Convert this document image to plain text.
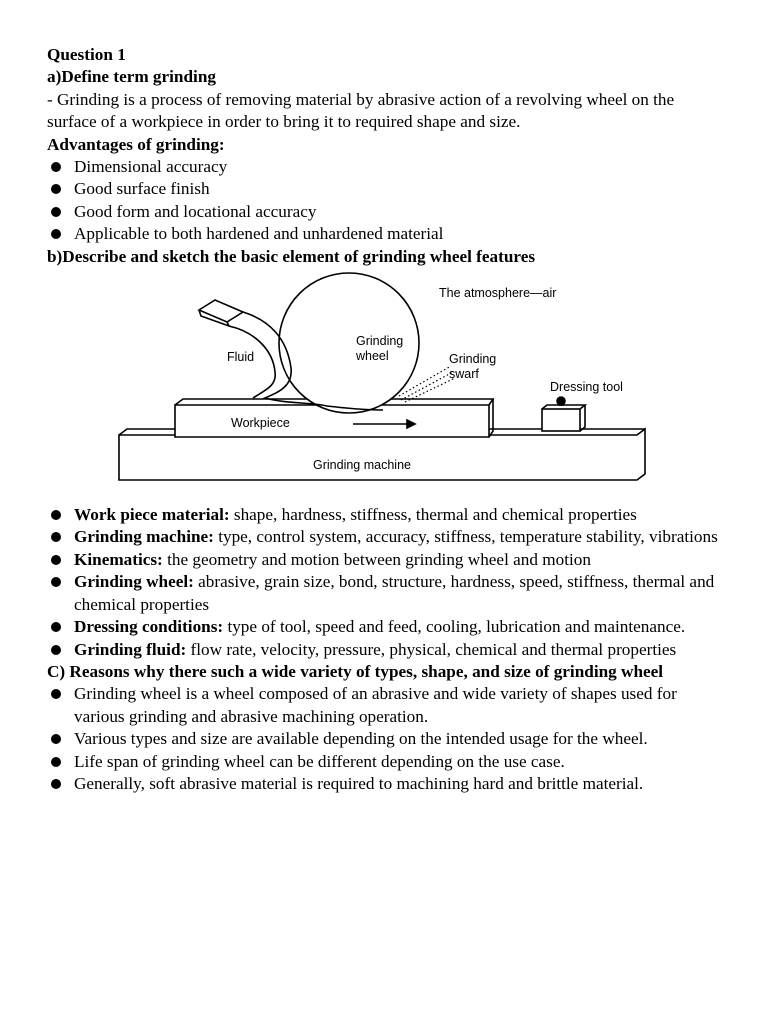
Question 1

a)Define term grinding

- Grinding is a process of removing material by abrasive action of a revolving wheel on the surface of a workpiece in order to bring it to required shape and size.

Advantages of grinding:

Dimensional accuracy
Good surface finish
Good form and locational accuracy
Applicable to both hardened and unhardened material

b)Describe and sketch the basic element of grinding wheel features

The atmosphere—air
Fluid
Grinding
wheel	Grinding
swarf
Dressing tool
Workpiece
Grinding machine
Work piece material: shape, hardness, stiffness, thermal and chemical properties
Grinding machine: type, control system, accuracy, stiffness, temperature stability, vibrations
Kinematics: the geometry and motion between grinding wheel and motion
Grinding wheel: abrasive, grain size, bond, structure, hardness, speed, stiffness, thermal and chemical properties
Dressing conditions: type of tool, speed and feed, cooling, lubrication and maintenance.
Grinding fluid: flow rate, velocity, pressure, physical, chemical and thermal properties

C) Reasons why there such a wide variety of types, shape, and size of grinding wheel

Grinding wheel is a wheel composed of an abrasive and wide variety of shapes used for various grinding and abrasive machining operation.
Various types and size are available depending on the intended usage for the wheel.
Life span of grinding wheel can be different depending on the use case.
Generally, soft abrasive material is required to machining hard and brittle material.
